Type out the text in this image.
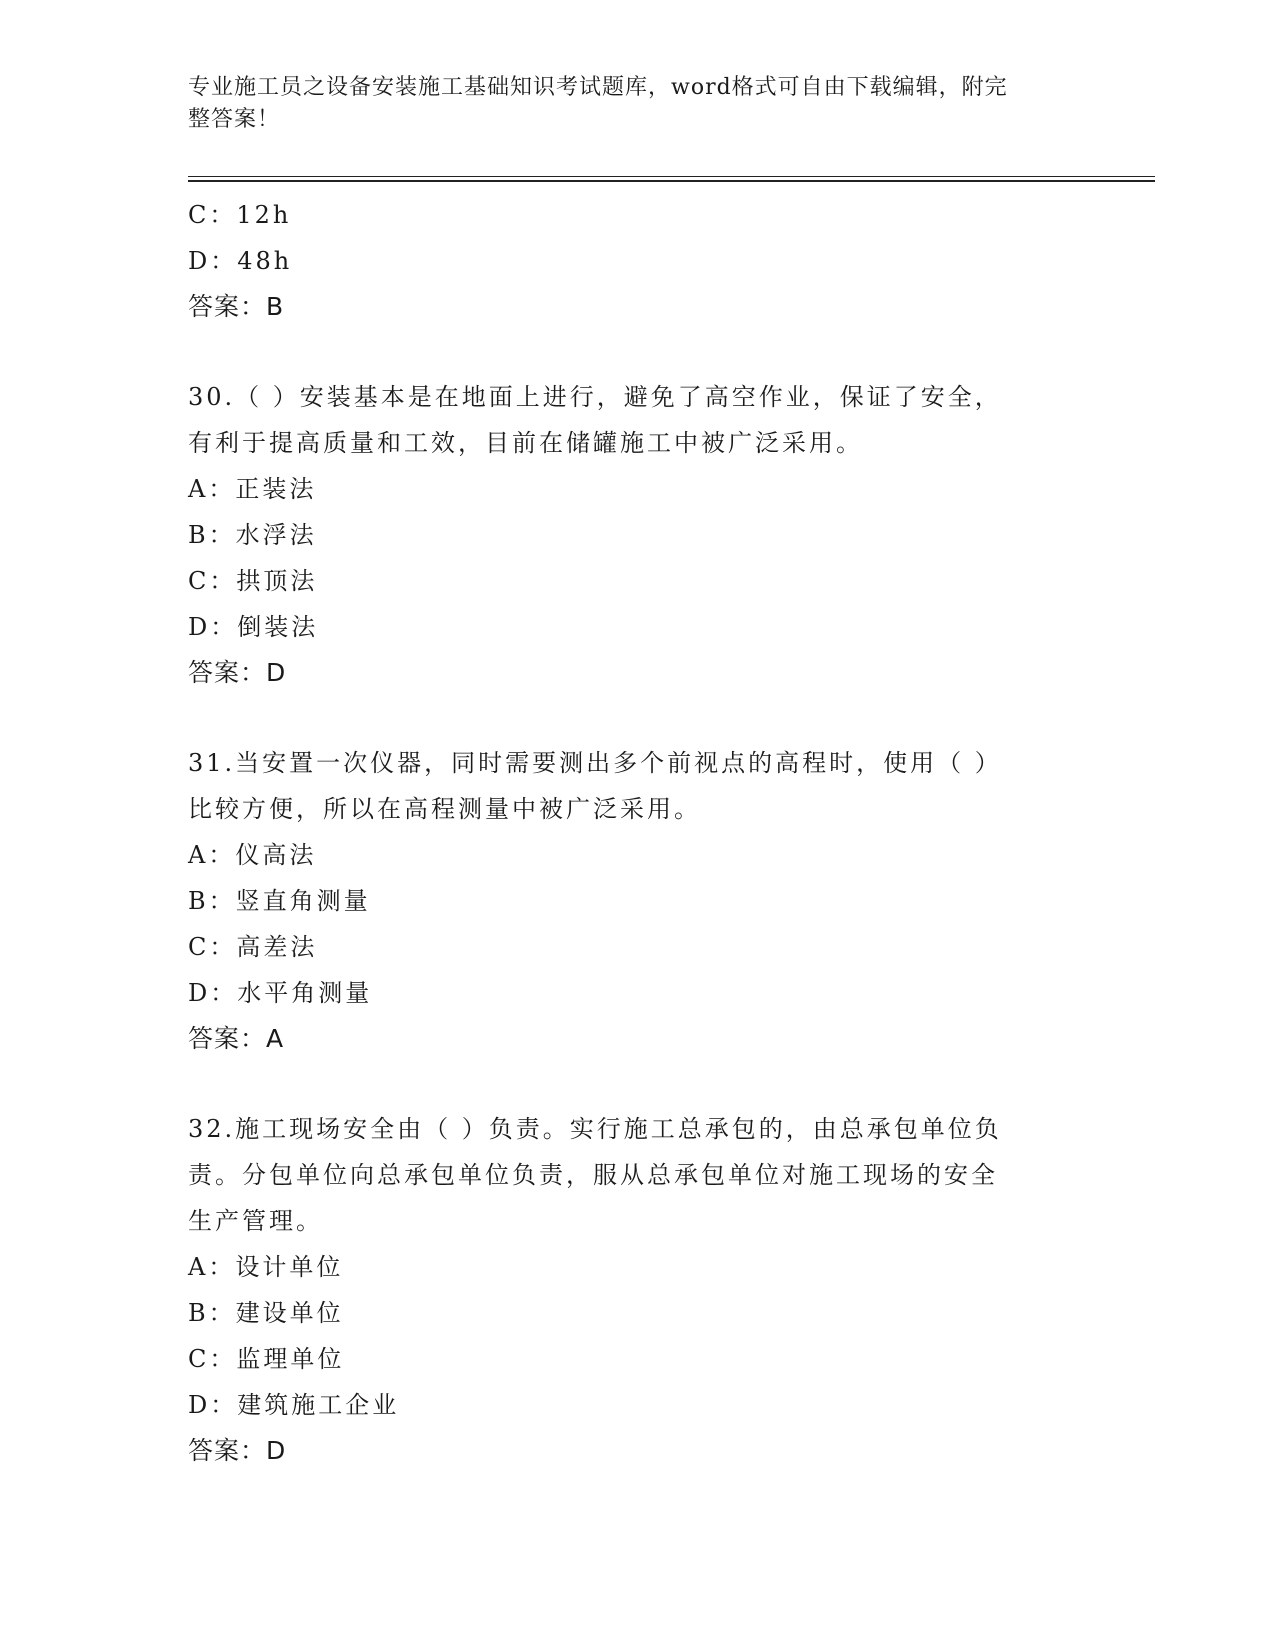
专业施工员之设备安装施工基础知识考试题库，word格式可自由下载编辑，附完
整答案！
C：12h
D：48h
答案：B
30.（ ）安装基本是在地面上进行，避免了高空作业，保证了安全，
有利于提高质量和工效，目前在储罐施工中被广泛采用。
A：正装法
B：水浮法
C：拱顶法
D：倒装法
答案：D
31.当安置一次仪器，同时需要测出多个前视点的高程时，使用（ ）
比较方便，所以在高程测量中被广泛采用。
A：仪高法
B：竖直角测量
C：高差法
D：水平角测量
答案：A
32.施工现场安全由（ ）负责。实行施工总承包的，由总承包单位负
责。分包单位向总承包单位负责，服从总承包单位对施工现场的安全
生产管理。
A：设计单位
B：建设单位
C：监理单位
D：建筑施工企业
答案：D
